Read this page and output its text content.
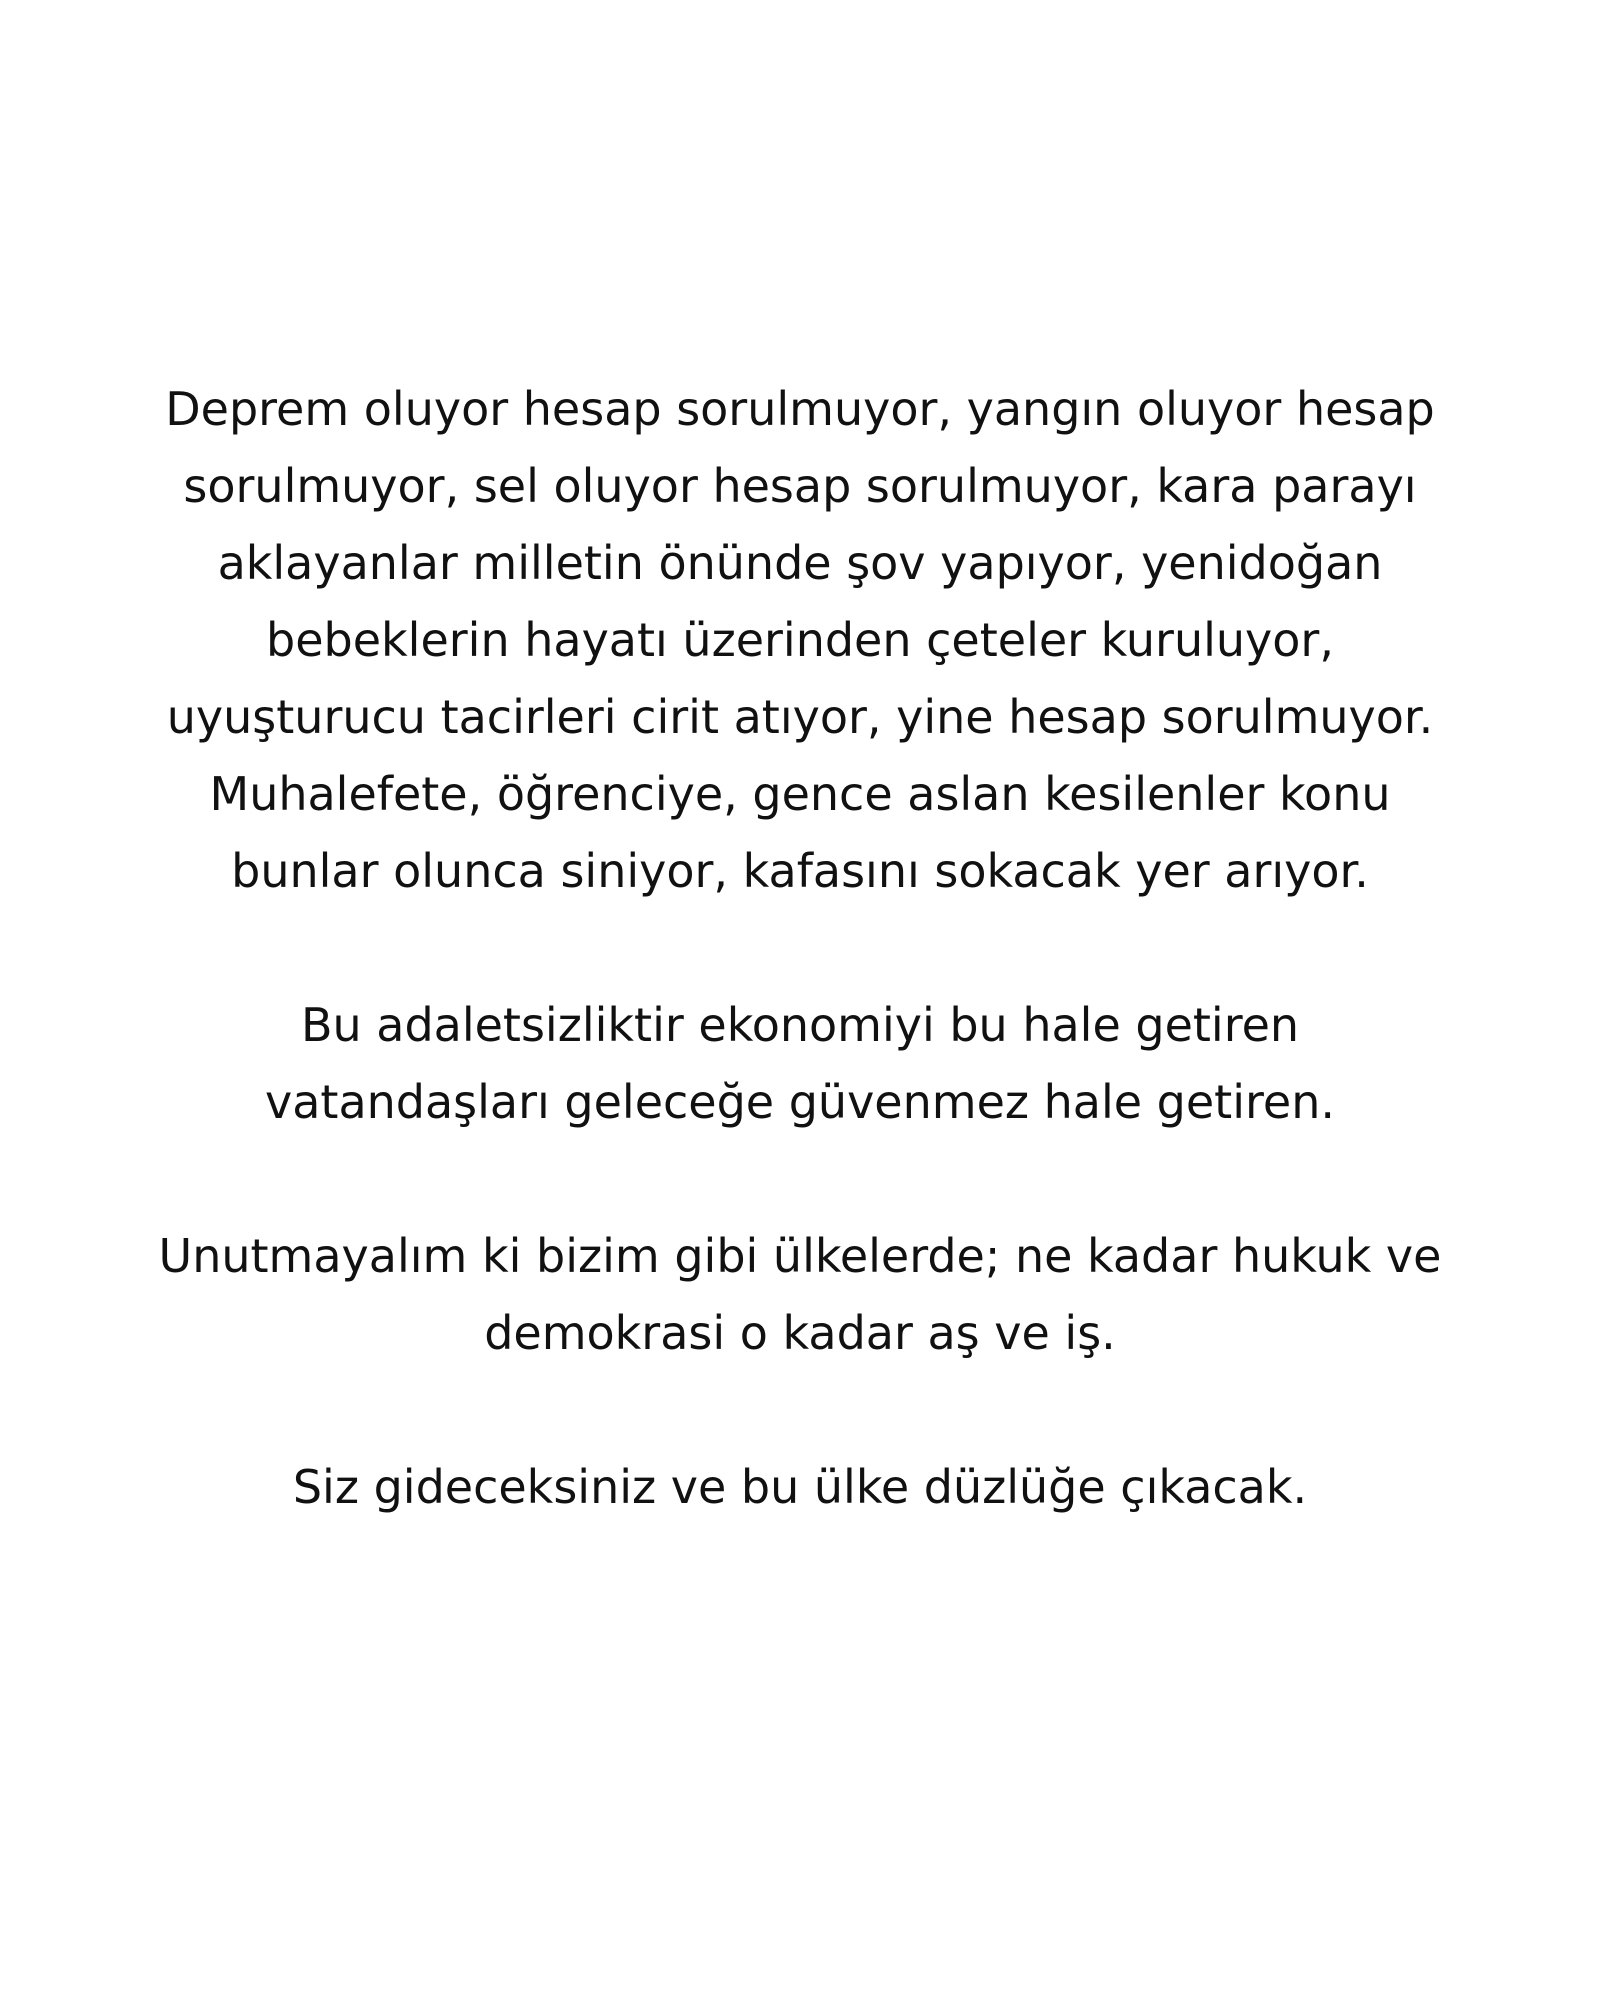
Deprem oluyor hesap sorulmuyor, yangın oluyor hesap
sorulmuyor, sel oluyor hesap sorulmuyor, kara parayı
aklayanlar milletin önünde şov yapıyor, yenidoğan
bebeklerin hayatı üzerinden çeteler kuruluyor,
uyuşturucu tacirleri cirit atıyor, yine hesap sorulmuyor.
Muhalefete, öğrenciye, gence aslan kesilenler konu
bunlar olunca siniyor, kafasını sokacak yer arıyor.

Bu adaletsizliktir ekonomiyi bu hale getiren
vatandaşları geleceğe güvenmez hale getiren.

Unutmayalım ki bizim gibi ülkelerde; ne kadar hukuk ve
demokrasi o kadar aş ve iş.

Siz gideceksiniz ve bu ülke düzlüğe çıkacak.
